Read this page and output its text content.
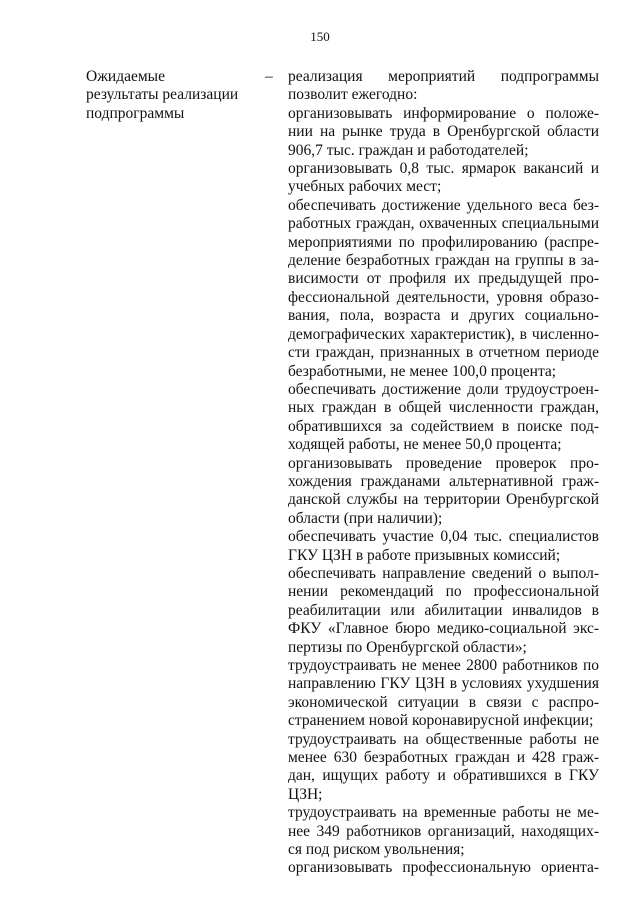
150
Ожидаемые
результаты реализации
подпрограммы
– реализация мероприятий подпрограммы
позволит ежегодно:

организовывать информирование о положе-
нии на рынке труда в Оренбургской области
906,7 тыс. граждан и работодателей;

организовывать 0,8 тыс. ярмарок вакансий и
учебных рабочих мест;

обеспечивать достижение удельного веса без-
работных граждан, охваченных специальными
мероприятиями по профилированию (распре-
деление безработных граждан на группы в за-
висимости от профиля их предыдущей про-
фессиональной деятельности, уровня образо-
вания, пола, возраста и других социально-
демографических характеристик), в численно-
сти граждан, признанных в отчетном периоде
безработными, не менее 100,0 процента;

обеспечивать достижение доли трудоустроен-
ных граждан в общей численности граждан,
обратившихся за содействием в поиске под-
ходящей работы, не менее 50,0 процента;

организовывать проведение проверок про-
хождения гражданами альтернативной граж-
данской службы на территории Оренбургской
области (при наличии);

обеспечивать участие 0,04 тыс. специалистов
ГКУ ЦЗН в работе призывных комиссий;

обеспечивать направление сведений о выпол-
нении рекомендаций по профессиональной
реабилитации или абилитации инвалидов в
ФКУ «Главное бюро медико-социальной экс-
пертизы по Оренбургской области»;

трудоустраивать не менее 2800 работников по
направлению ГКУ ЦЗН в условиях ухудшения
экономической ситуации в связи с распро-
странением новой коронавирусной инфекции;

трудоустраивать на общественные работы не
менее 630 безработных граждан и 428 граж-
дан, ищущих работу и обратившихся в ГКУ
ЦЗН;

трудоустраивать на временные работы не ме-
нее 349 работников организаций, находящих-
ся под риском увольнения;

организовывать профессиональную ориента-
